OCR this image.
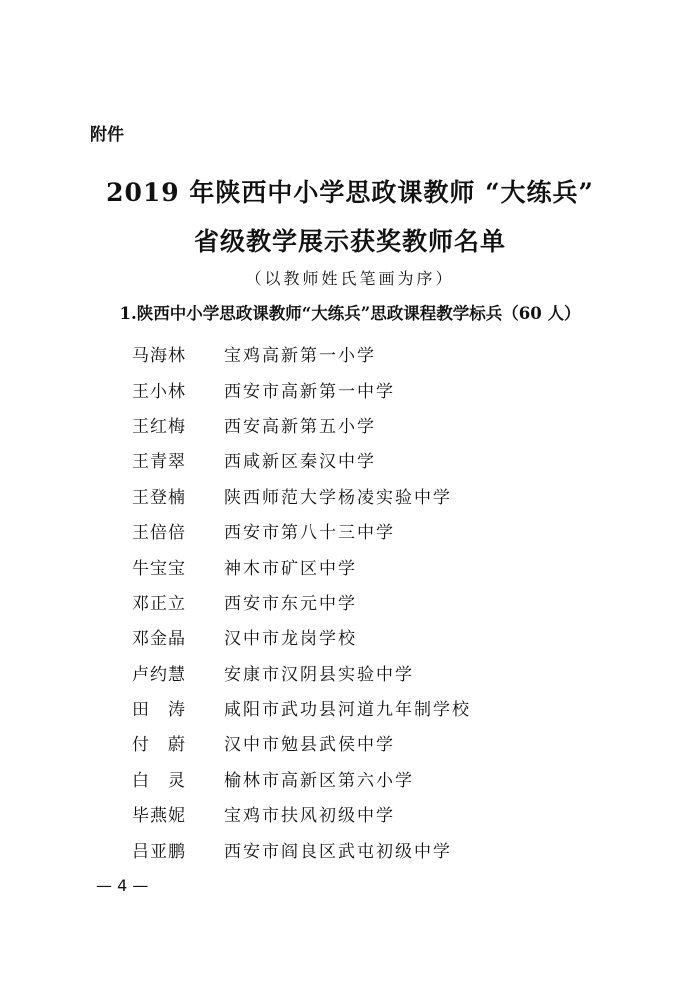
附件
2019 年陕西中小学思政课教师 “大练兵”
省级教学展示获奖教师名单
（以教师姓氏笔画为序）
1.陕西中小学思政课教师“大练兵”思政课程教学标兵（60 人）
马海林	宝鸡高新第一小学
王小林	西安市高新第一中学
王红梅	西安高新第五小学
王青翠	西咸新区秦汉中学
王登楠	陕西师范大学杨凌实验中学
王倍倍	西安市第八十三中学
牛宝宝	神木市矿区中学
邓正立	西安市东元中学
邓金晶	汉中市龙岗学校
卢约慧	安康市汉阴县实验中学
田　涛	咸阳市武功县河道九年制学校
付　蔚	汉中市勉县武侯中学
白　灵	榆林市高新区第六小学
毕燕妮	宝鸡市扶风初级中学
吕亚鹏	西安市阎良区武屯初级中学
— 4 —
